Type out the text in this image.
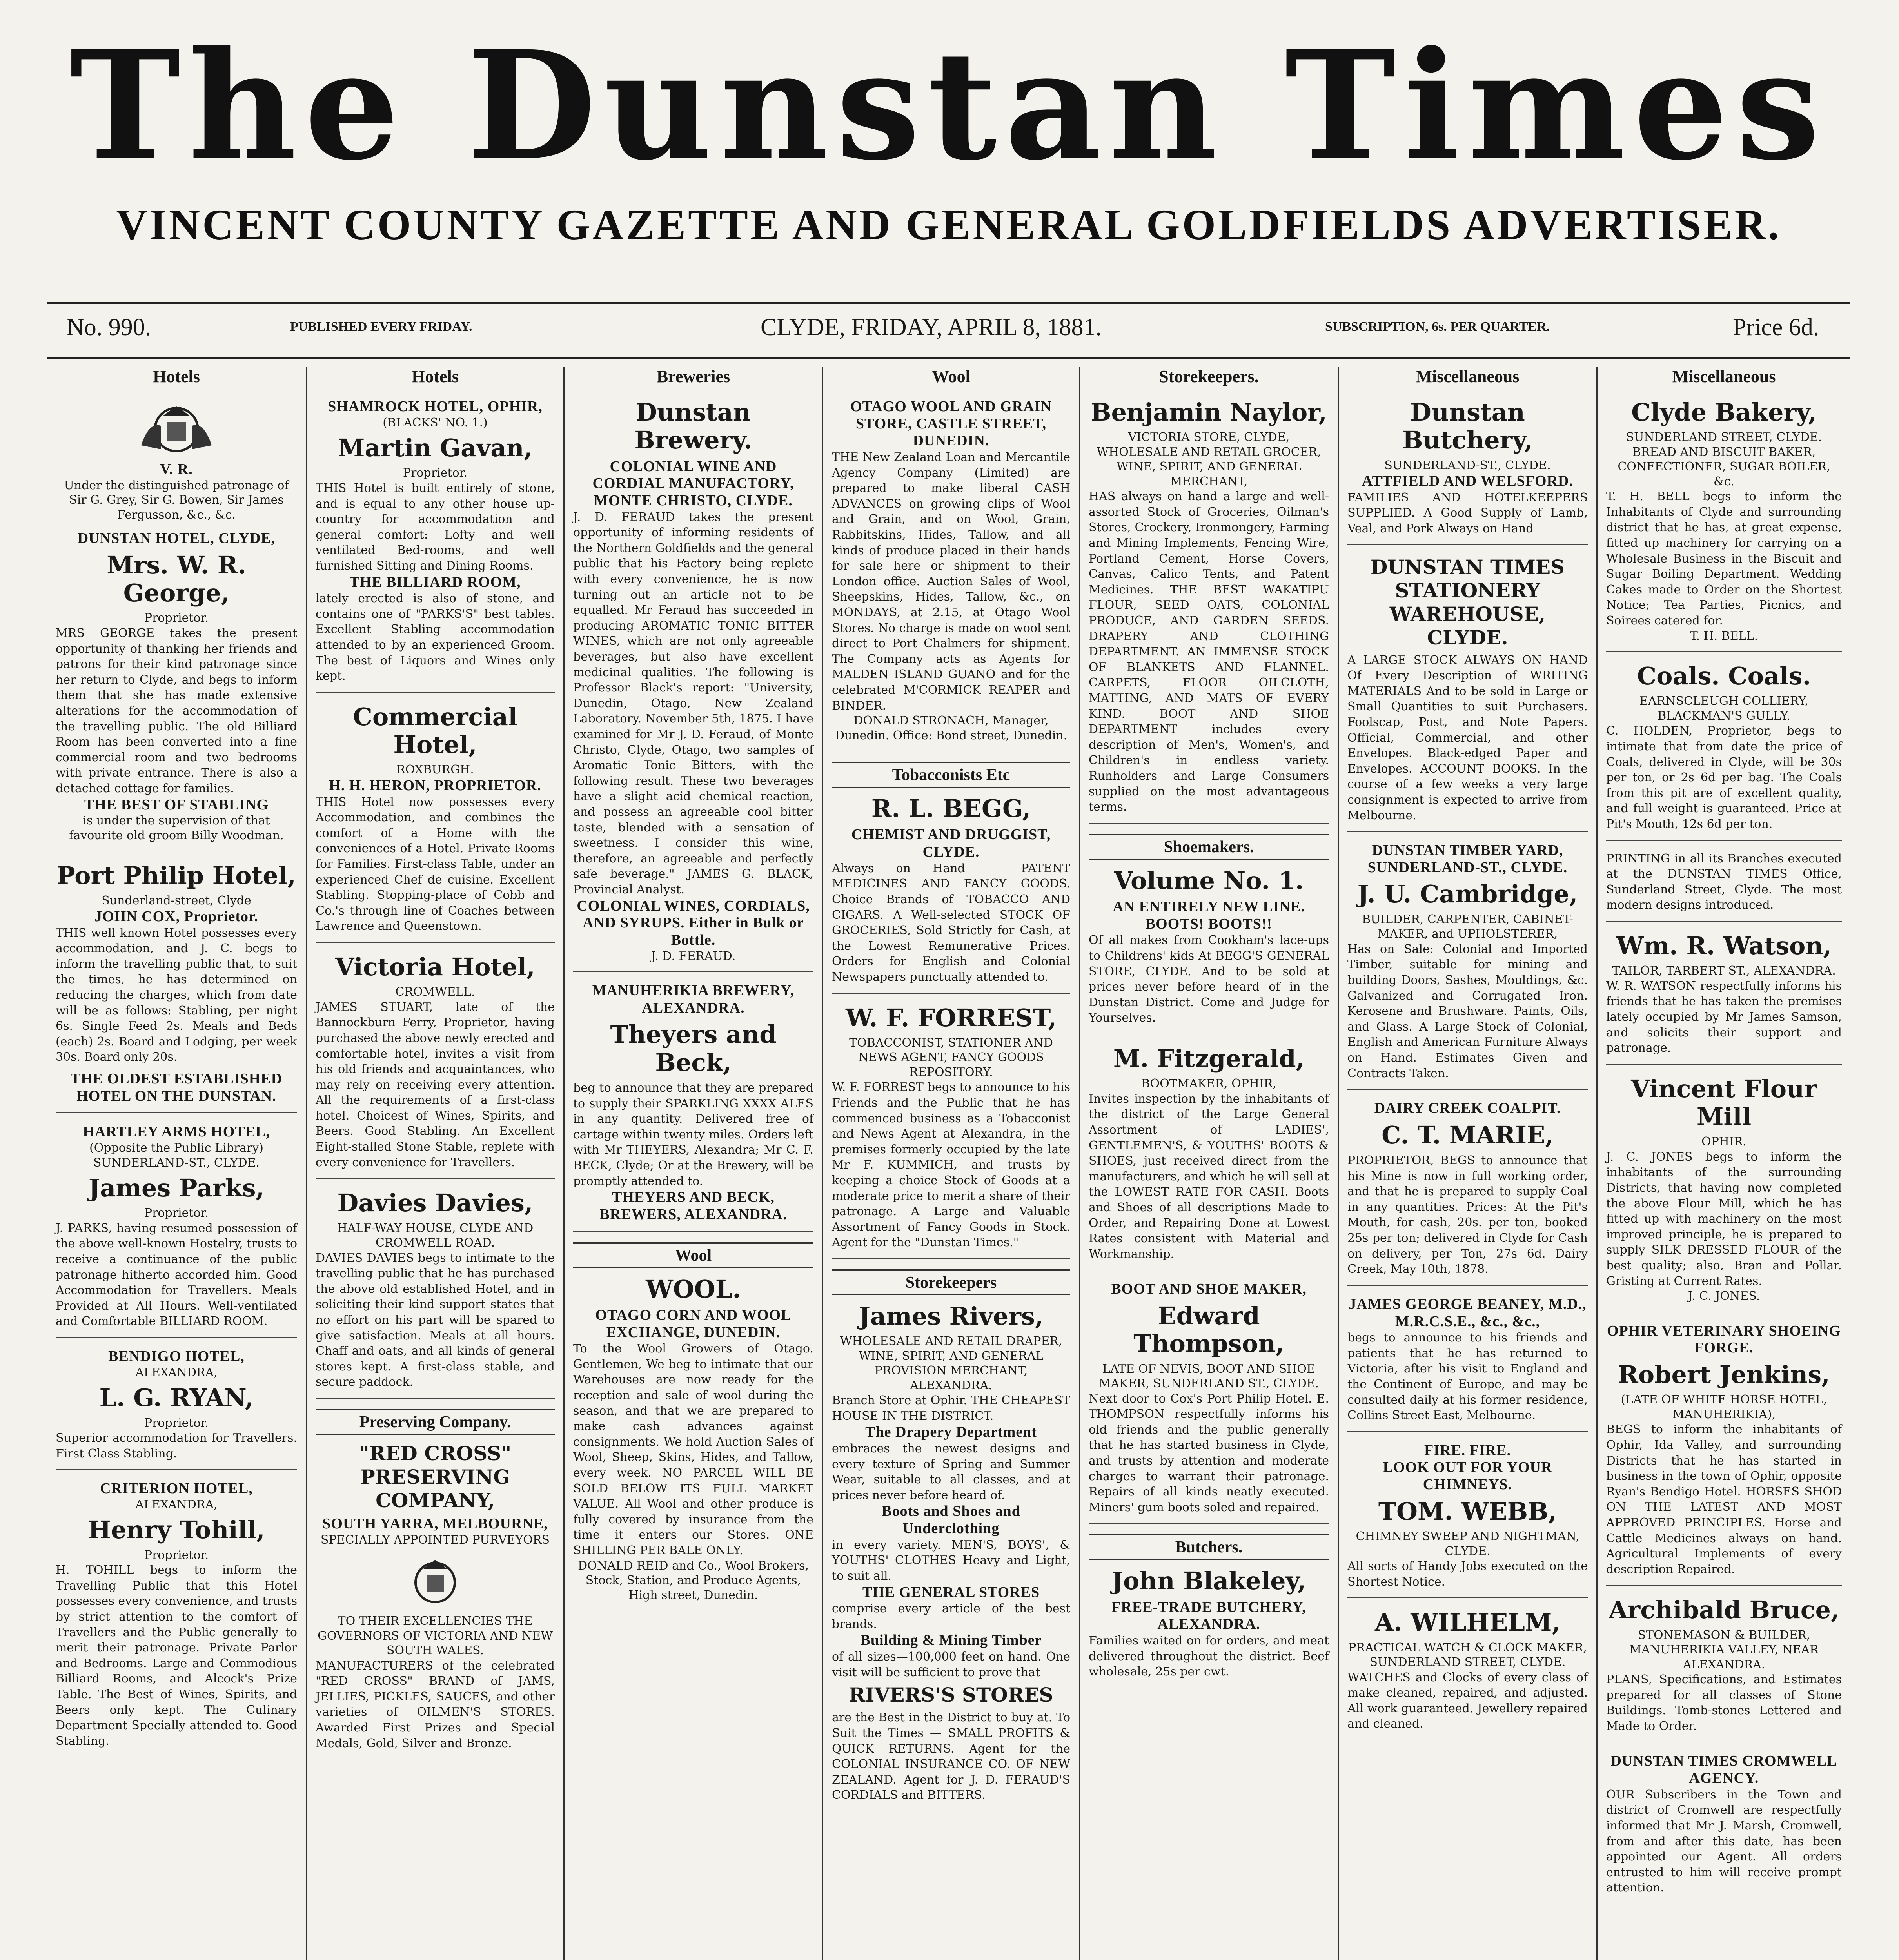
The Dunstan Times
VINCENT COUNTY GAZETTE AND GENERAL GOLDFIELDS ADVERTISER.
No. 990.	PUBLISHED EVERY FRIDAY.	CLYDE, FRIDAY, APRIL 8, 1881.	SUBSCRIPTION, 6s. PER QUARTER.	Price 6d.
Hotels
V. R.
Under the distinguished patronage of Sir G. Grey, Sir G. Bowen, Sir James Fergusson, &c., &c.
DUNSTAN HOTEL, CLYDE,
Mrs. W. R. George,
Proprietor.
MRS GEORGE takes the present opportunity of thanking her friends and patrons for their kind patronage since her return to Clyde, and begs to inform them that she has made extensive alterations for the accommodation of the travelling public. The old Billiard Room has been converted into a fine commercial room and two bedrooms with private entrance. There is also a detached cottage for families.
THE BEST OF STABLING
is under the supervision of that favourite old groom Billy Woodman.
Port Philip Hotel,
Sunderland-street, Clyde
JOHN COX, Proprietor.
THIS well known Hotel possesses every accommodation, and J. C. begs to inform the travelling public that, to suit the times, he has determined on reducing the charges, which from date will be as follows: Stabling, per night 6s. Single Feed 2s. Meals and Beds (each) 2s. Board and Lodging, per week 30s. Board only 20s.
THE OLDEST ESTABLISHED HOTEL ON THE DUNSTAN.
HARTLEY ARMS HOTEL,
(Opposite the Public Library) SUNDERLAND-ST., CLYDE.
James Parks,
Proprietor.
J. PARKS, having resumed possession of the above well-known Hostelry, trusts to receive a continuance of the public patronage hitherto accorded him. Good Accommodation for Travellers. Meals Provided at All Hours. Well-ventilated and Comfortable BILLIARD ROOM.
BENDIGO HOTEL,
ALEXANDRA,
L. G. RYAN,
Proprietor.
Superior accommodation for Travellers. First Class Stabling.
CRITERION HOTEL,
ALEXANDRA,
Henry Tohill,
Proprietor.
H. TOHILL begs to inform the Travelling Public that this Hotel possesses every convenience, and trusts by strict attention to the comfort of Travellers and the Public generally to merit their patronage. Private Parlor and Bedrooms. Large and Commodious Billiard Rooms, and Alcock's Prize Table. The Best of Wines, Spirits, and Beers only kept. The Culinary Department Specially attended to. Good Stabling.
Hotels
SHAMROCK HOTEL, OPHIR,
(BLACKS' NO. 1.)
Martin Gavan,
Proprietor.
THIS Hotel is built entirely of stone, and is equal to any other house up-country for accommodation and general comfort: Lofty and well ventilated Bed-rooms, and well furnished Sitting and Dining Rooms.
THE BILLIARD ROOM,
lately erected is also of stone, and contains one of "PARKS'S" best tables. Excellent Stabling accommodation attended to by an experienced Groom. The best of Liquors and Wines only kept.
Commercial Hotel,
ROXBURGH.
H. H. HERON, PROPRIETOR.
THIS Hotel now possesses every Accommodation, and combines the comfort of a Home with the conveniences of a Hotel. Private Rooms for Families. First-class Table, under an experienced Chef de cuisine. Excellent Stabling. Stopping-place of Cobb and Co.'s through line of Coaches between Lawrence and Queenstown.
Victoria Hotel,
CROMWELL.
JAMES STUART, late of the Bannockburn Ferry, Proprietor, having purchased the above newly erected and comfortable hotel, invites a visit from his old friends and acquaintances, who may rely on receiving every attention. All the requirements of a first-class hotel. Choicest of Wines, Spirits, and Beers. Good Stabling. An Excellent Eight-stalled Stone Stable, replete with every convenience for Travellers.
Davies Davies,
HALF-WAY HOUSE, CLYDE AND CROMWELL ROAD.
DAVIES DAVIES begs to intimate to the travelling public that he has purchased the above old established Hotel, and in soliciting their kind support states that no effort on his part will be spared to give satisfaction. Meals at all hours. Chaff and oats, and all kinds of general stores kept. A first-class stable, and secure paddock.
Preserving Company.
"RED CROSS" PRESERVING COMPANY,
SOUTH YARRA, MELBOURNE,
SPECIALLY APPOINTED PURVEYORS
TO THEIR EXCELLENCIES THE GOVERNORS OF VICTORIA AND NEW SOUTH WALES.
MANUFACTURERS of the celebrated "RED CROSS" BRAND of JAMS, JELLIES, PICKLES, SAUCES, and other varieties of OILMEN'S STORES. Awarded First Prizes and Special Medals, Gold, Silver and Bronze.
Breweries
Dunstan Brewery.
COLONIAL WINE AND CORDIAL MANUFACTORY, MONTE CHRISTO, CLYDE.
J. D. FERAUD takes the present opportunity of informing residents of the Northern Goldfields and the general public that his Factory being replete with every convenience, he is now turning out an article not to be equalled. Mr Feraud has succeeded in producing AROMATIC TONIC BITTER WINES, which are not only agreeable beverages, but also have excellent medicinal qualities. The following is Professor Black's report: "University, Dunedin, Otago, New Zealand Laboratory. November 5th, 1875. I have examined for Mr J. D. Feraud, of Monte Christo, Clyde, Otago, two samples of Aromatic Tonic Bitters, with the following result. These two beverages have a slight acid chemical reaction, and possess an agreeable cool bitter taste, blended with a sensation of sweetness. I consider this wine, therefore, an agreeable and perfectly safe beverage." JAMES G. BLACK, Provincial Analyst.
COLONIAL WINES, CORDIALS, AND SYRUPS. Either in Bulk or Bottle.
J. D. FERAUD.
MANUHERIKIA BREWERY, ALEXANDRA.
Theyers and Beck,
beg to announce that they are prepared to supply their SPARKLING XXXX ALES in any quantity. Delivered free of cartage within twenty miles. Orders left with Mr THEYERS, Alexandra; Mr C. F. BECK, Clyde; Or at the Brewery, will be promptly attended to.
THEYERS AND BECK, BREWERS, ALEXANDRA.
Wool
WOOL.
OTAGO CORN AND WOOL EXCHANGE, DUNEDIN.
To the Wool Growers of Otago. Gentlemen, We beg to intimate that our Warehouses are now ready for the reception and sale of wool during the season, and that we are prepared to make cash advances against consignments. We hold Auction Sales of Wool, Sheep, Skins, Hides, and Tallow, every week. NO PARCEL WILL BE SOLD BELOW ITS FULL MARKET VALUE. All Wool and other produce is fully covered by insurance from the time it enters our Stores. ONE SHILLING PER BALE ONLY.
DONALD REID and Co., Wool Brokers, Stock, Station, and Produce Agents, High street, Dunedin.
Wool
OTAGO WOOL AND GRAIN STORE, CASTLE STREET, DUNEDIN.
THE New Zealand Loan and Mercantile Agency Company (Limited) are prepared to make liberal CASH ADVANCES on growing clips of Wool and Grain, and on Wool, Grain, Rabbitskins, Hides, Tallow, and all kinds of produce placed in their hands for sale here or shipment to their London office. Auction Sales of Wool, Sheepskins, Hides, Tallow, &c., on MONDAYS, at 2.15, at Otago Wool Stores. No charge is made on wool sent direct to Port Chalmers for shipment. The Company acts as Agents for MALDEN ISLAND GUANO and for the celebrated M'CORMICK REAPER and BINDER.
DONALD STRONACH, Manager, Dunedin. Office: Bond street, Dunedin.
Tobacconists Etc
R. L. BEGG,
CHEMIST AND DRUGGIST, CLYDE.
Always on Hand — PATENT MEDICINES AND FANCY GOODS. Choice Brands of TOBACCO AND CIGARS. A Well-selected STOCK OF GROCERIES, Sold Strictly for Cash, at the Lowest Remunerative Prices. Orders for English and Colonial Newspapers punctually attended to.
W. F. FORREST,
TOBACCONIST, STATIONER AND NEWS AGENT, FANCY GOODS REPOSITORY.
W. F. FORREST begs to announce to his Friends and the Public that he has commenced business as a Tobacconist and News Agent at Alexandra, in the premises formerly occupied by the late Mr F. KUMMICH, and trusts by keeping a choice Stock of Goods at a moderate price to merit a share of their patronage. A Large and Valuable Assortment of Fancy Goods in Stock. Agent for the "Dunstan Times."
Storekeepers
James Rivers,
WHOLESALE AND RETAIL DRAPER, WINE, SPIRIT, AND GENERAL PROVISION MERCHANT, ALEXANDRA.
Branch Store at Ophir. THE CHEAPEST HOUSE IN THE DISTRICT.
The Drapery Department
embraces the newest designs and every texture of Spring and Summer Wear, suitable to all classes, and at prices never before heard of.
Boots and Shoes and Underclothing
in every variety. MEN'S, BOYS', & YOUTHS' CLOTHES Heavy and Light, to suit all.
THE GENERAL STORES
comprise every article of the best brands.
Building & Mining Timber
of all sizes—100,000 feet on hand. One visit will be sufficient to prove that
RIVERS'S STORES
are the Best in the District to buy at. To Suit the Times — SMALL PROFITS & QUICK RETURNS. Agent for the COLONIAL INSURANCE CO. OF NEW ZEALAND. Agent for J. D. FERAUD'S CORDIALS and BITTERS.
Storekeepers.
Benjamin Naylor,
VICTORIA STORE, CLYDE, WHOLESALE AND RETAIL GROCER, WINE, SPIRIT, AND GENERAL MERCHANT,
HAS always on hand a large and well-assorted Stock of Groceries, Oilman's Stores, Crockery, Ironmongery, Farming and Mining Implements, Fencing Wire, Portland Cement, Horse Covers, Canvas, Calico Tents, and Patent Medicines. THE BEST WAKATIPU FLOUR, SEED OATS, COLONIAL PRODUCE, AND GARDEN SEEDS. DRAPERY AND CLOTHING DEPARTMENT. AN IMMENSE STOCK OF BLANKETS AND FLANNEL. CARPETS, FLOOR OILCLOTH, MATTING, AND MATS OF EVERY KIND. BOOT AND SHOE DEPARTMENT includes every description of Men's, Women's, and Children's in endless variety. Runholders and Large Consumers supplied on the most advantageous terms.
Shoemakers.
Volume No. 1.
AN ENTIRELY NEW LINE. BOOTS! BOOTS!!
Of all makes from Cookham's lace-ups to Childrens' kids At BEGG'S GENERAL STORE, CLYDE. And to be sold at prices never before heard of in the Dunstan District. Come and Judge for Yourselves.
M. Fitzgerald,
BOOTMAKER, OPHIR,
Invites inspection by the inhabitants of the district of the Large General Assortment of LADIES', GENTLEMEN'S, & YOUTHS' BOOTS & SHOES, just received direct from the manufacturers, and which he will sell at the LOWEST RATE FOR CASH. Boots and Shoes of all descriptions Made to Order, and Repairing Done at Lowest Rates consistent with Material and Workmanship.
BOOT AND SHOE MAKER,
Edward Thompson,
LATE OF NEVIS, BOOT AND SHOE MAKER, SUNDERLAND ST., CLYDE.
Next door to Cox's Port Philip Hotel. E. THOMPSON respectfully informs his old friends and the public generally that he has started business in Clyde, and trusts by attention and moderate charges to warrant their patronage. Repairs of all kinds neatly executed. Miners' gum boots soled and repaired.
Butchers.
John Blakeley,
FREE-TRADE BUTCHERY, ALEXANDRA.
Families waited on for orders, and meat delivered throughout the district. Beef wholesale, 25s per cwt.
Miscellaneous
Dunstan Butchery,
SUNDERLAND-ST., CLYDE.
ATTFIELD AND WELSFORD.
FAMILIES AND HOTELKEEPERS SUPPLIED. A Good Supply of Lamb, Veal, and Pork Always on Hand
DUNSTAN TIMES STATIONERY WAREHOUSE, CLYDE.
A LARGE STOCK ALWAYS ON HAND Of Every Description of WRITING MATERIALS And to be sold in Large or Small Quantities to suit Purchasers. Foolscap, Post, and Note Papers. Official, Commercial, and other Envelopes. Black-edged Paper and Envelopes. ACCOUNT BOOKS. In the course of a few weeks a very large consignment is expected to arrive from Melbourne.
DUNSTAN TIMBER YARD, SUNDERLAND-ST., CLYDE.
J. U. Cambridge,
BUILDER, CARPENTER, CABINET-MAKER, and UPHOLSTERER,
Has on Sale: Colonial and Imported Timber, suitable for mining and building Doors, Sashes, Mouldings, &c. Galvanized and Corrugated Iron. Kerosene and Brushware. Paints, Oils, and Glass. A Large Stock of Colonial, English and American Furniture Always on Hand. Estimates Given and Contracts Taken.
DAIRY CREEK COALPIT.
C. T. MARIE,
PROPRIETOR, BEGS to announce that his Mine is now in full working order, and that he is prepared to supply Coal in any quantities. Prices: At the Pit's Mouth, for cash, 20s. per ton, booked 25s per ton; delivered in Clyde for Cash on delivery, per Ton, 27s 6d. Dairy Creek, May 10th, 1878.
JAMES GEORGE BEANEY, M.D., M.R.C.S.E., &c., &c.,
begs to announce to his friends and patients that he has returned to Victoria, after his visit to England and the Continent of Europe, and may be consulted daily at his former residence, Collins Street East, Melbourne.
FIRE. FIRE.
LOOK OUT FOR YOUR CHIMNEYS.
TOM. WEBB,
CHIMNEY SWEEP AND NIGHTMAN, CLYDE.
All sorts of Handy Jobs executed on the Shortest Notice.
A. WILHELM,
PRACTICAL WATCH & CLOCK MAKER, SUNDERLAND STREET, CLYDE.
WATCHES and Clocks of every class of make cleaned, repaired, and adjusted. All work guaranteed. Jewellery repaired and cleaned.
Miscellaneous
Clyde Bakery,
SUNDERLAND STREET, CLYDE.
BREAD AND BISCUIT BAKER, CONFECTIONER, SUGAR BOILER, &c.
T. H. BELL begs to inform the Inhabitants of Clyde and surrounding district that he has, at great expense, fitted up machinery for carrying on a Wholesale Business in the Biscuit and Sugar Boiling Department. Wedding Cakes made to Order on the Shortest Notice; Tea Parties, Picnics, and Soirees catered for.
T. H. BELL.
Coals. Coals.
EARNSCLEUGH COLLIERY, BLACKMAN'S GULLY.
C. HOLDEN, Proprietor, begs to intimate that from date the price of Coals, delivered in Clyde, will be 30s per ton, or 2s 6d per bag. The Coals from this pit are of excellent quality, and full weight is guaranteed. Price at Pit's Mouth, 12s 6d per ton.
PRINTING in all its Branches executed at the DUNSTAN TIMES Office, Sunderland Street, Clyde. The most modern designs introduced.
Wm. R. Watson,
TAILOR, TARBERT ST., ALEXANDRA.
W. R. WATSON respectfully informs his friends that he has taken the premises lately occupied by Mr James Samson, and solicits their support and patronage.
Vincent Flour Mill
OPHIR.
J. C. JONES begs to inform the inhabitants of the surrounding Districts, that having now completed the above Flour Mill, which he has fitted up with machinery on the most improved principle, he is prepared to supply SILK DRESSED FLOUR of the best quality; also, Bran and Pollar. Gristing at Current Rates.
J. C. JONES.
OPHIR VETERINARY SHOEING FORGE.
Robert Jenkins,
(LATE OF WHITE HORSE HOTEL, MANUHERIKIA),
BEGS to inform the inhabitants of Ophir, Ida Valley, and surrounding Districts that he has started in business in the town of Ophir, opposite Ryan's Bendigo Hotel. HORSES SHOD ON THE LATEST AND MOST APPROVED PRINCIPLES. Horse and Cattle Medicines always on hand. Agricultural Implements of every description Repaired.
Archibald Bruce,
STONEMASON & BUILDER, MANUHERIKIA VALLEY, NEAR ALEXANDRA.
PLANS, Specifications, and Estimates prepared for all classes of Stone Buildings. Tomb-stones Lettered and Made to Order.
DUNSTAN TIMES CROMWELL AGENCY.
OUR Subscribers in the Town and district of Cromwell are respectfully informed that Mr J. Marsh, Cromwell, from and after this date, has been appointed our Agent. All orders entrusted to him will receive prompt attention.
